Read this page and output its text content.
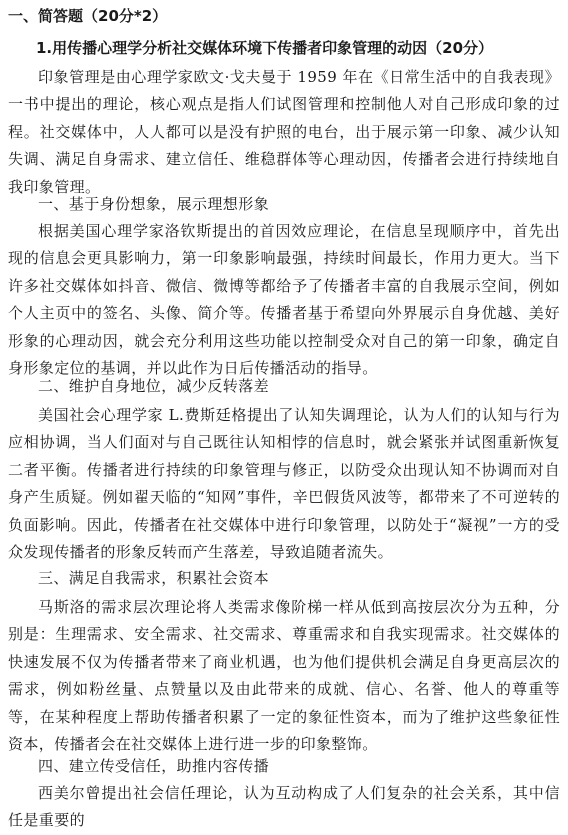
一、简答题（20分*2）
1.用传播心理学分析社交媒体环境下传播者印象管理的动因（20分）

印象管理是由心理学家欧文·戈夫曼于 1959 年在《日常生活中的自我表现》一书中提出的理论，核心观点是指人们试图管理和控制他人对自己形成印象的过程。社交媒体中，人人都可以是没有护照的电台，出于展示第一印象、减少认知失调、满足自身需求、建立信任、维稳群体等心理动因，传播者会进行持续地自我印象管理。

一、基于身份想象，展示理想形象

根据美国心理学家洛钦斯提出的首因效应理论，在信息呈现顺序中，首先出现的信息会更具影响力，第一印象影响最强，持续时间最长，作用力更大。当下许多社交媒体如抖音、微信、微博等都给予了传播者丰富的自我展示空间，例如个人主页中的签名、头像、简介等。传播者基于希望向外界展示自身优越、美好形象的心理动因，就会充分利用这些功能以控制受众对自己的第一印象，确定自身形象定位的基调，并以此作为日后传播活动的指导。

二、维护自身地位，减少反转落差

美国社会心理学家 L.费斯廷格提出了认知失调理论，认为人们的认知与行为应相协调，当人们面对与自己既往认知相悖的信息时，就会紧张并试图重新恢复二者平衡。传播者进行持续的印象管理与修正，以防受众出现认知不协调而对自身产生质疑。例如翟天临的“知网”事件，辛巴假货风波等，都带来了不可逆转的负面影响。因此，传播者在社交媒体中进行印象管理，以防处于“凝视”一方的受众发现传播者的形象反转而产生落差，导致追随者流失。

三、满足自我需求，积累社会资本

马斯洛的需求层次理论将人类需求像阶梯一样从低到高按层次分为五种，分别是：生理需求、安全需求、社交需求、尊重需求和自我实现需求。社交媒体的快速发展不仅为传播者带来了商业机遇，也为他们提供机会满足自身更高层次的需求，例如粉丝量、点赞量以及由此带来的成就、信心、名誉、他人的尊重等等，在某种程度上帮助传播者积累了一定的象征性资本，而为了维护这些象征性资本，传播者会在社交媒体上进行进一步的印象整饰。

四、建立传受信任，助推内容传播

西美尔曾提出社会信任理论，认为互动构成了人们复杂的社会关系，其中信任是重要的
